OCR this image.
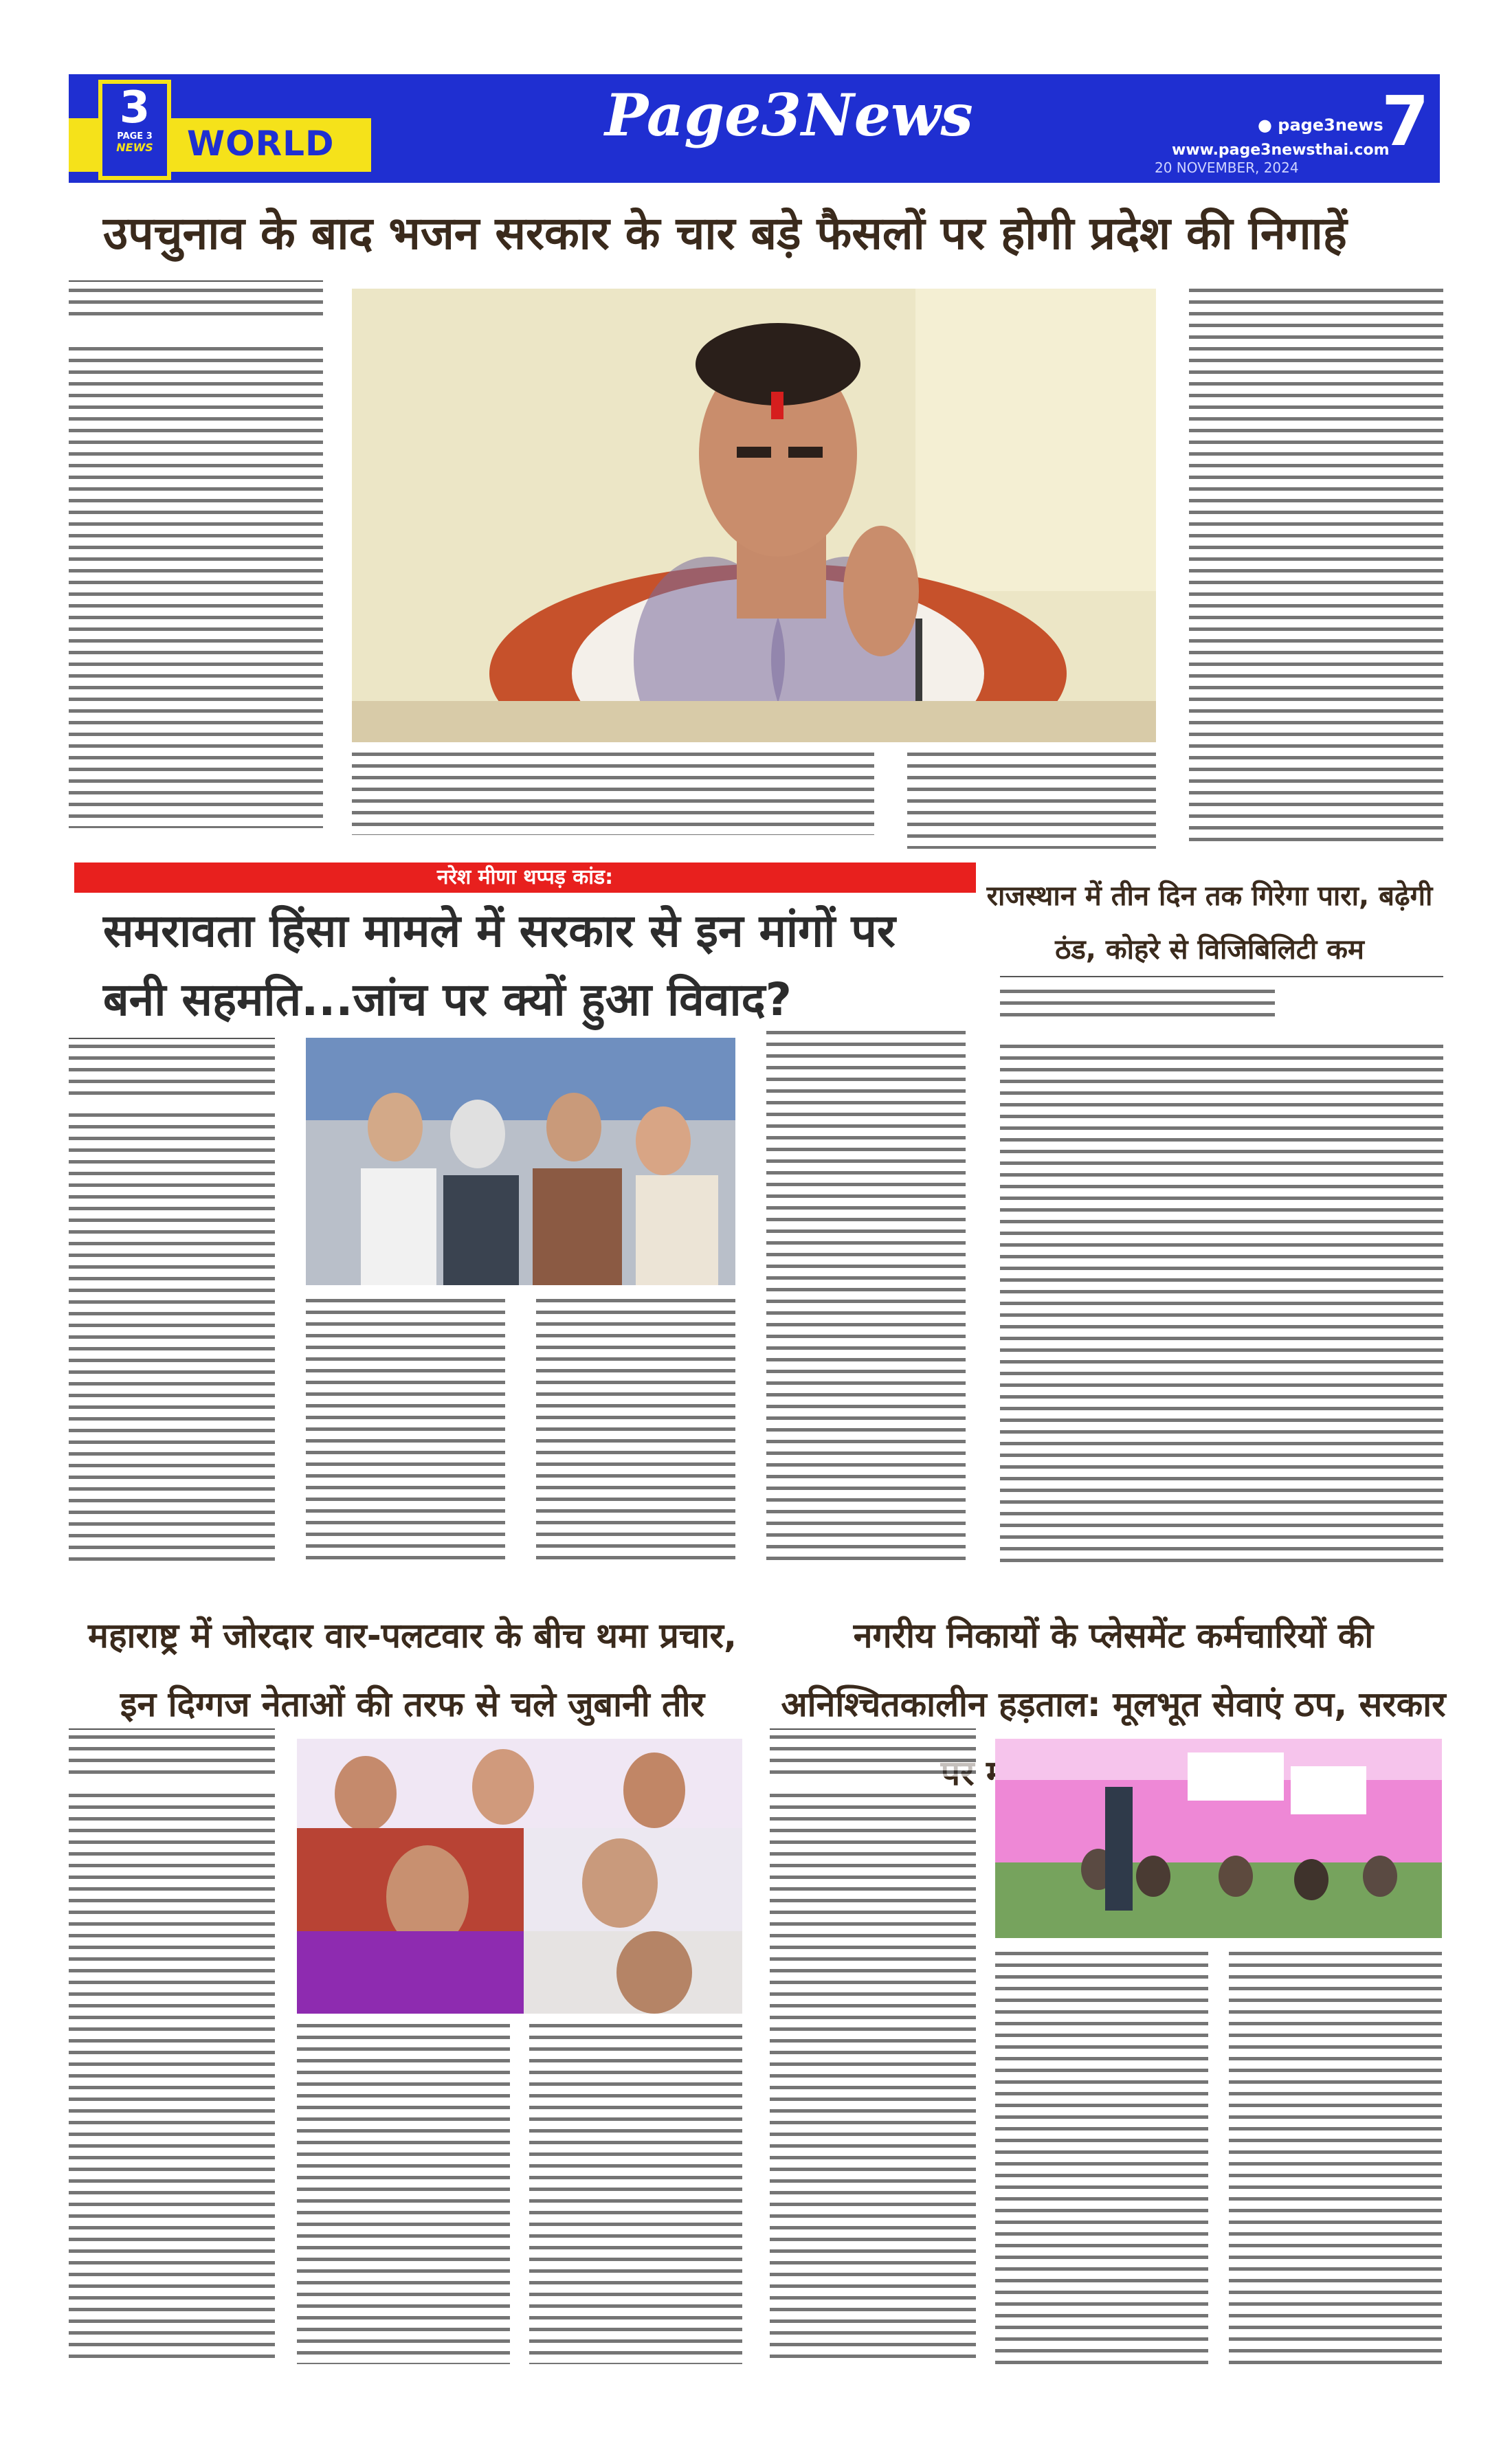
3
PAGE 3
NEWS WORLD	Page3News	● page3news
www.page3newsthai.com
7
20 NOVEMBER, 2024
उपचुनाव के बाद भजन सरकार के चार बड़े फैसलों पर होगी प्रदेश की निगाहें
नरेश मीणा थप्पड़ कांड:
समरावता हिंसा मामले में सरकार से इन मांगों पर बनी सहमति...जांच पर क्यों हुआ विवाद?
राजस्थान में तीन दिन तक गिरेगा पारा, बढ़ेगी ठंड, कोहरे से विजिबिलिटी कम
महाराष्ट्र में जोरदार वार-पलटवार के बीच थमा प्रचार, इन दिग्गज नेताओं की तरफ से चले जुबानी तीर
नगरीय निकायों के प्लेसमेंट कर्मचारियों की अनिश्चितकालीन हड़ताल: मूलभूत सेवाएं ठप, सरकार
